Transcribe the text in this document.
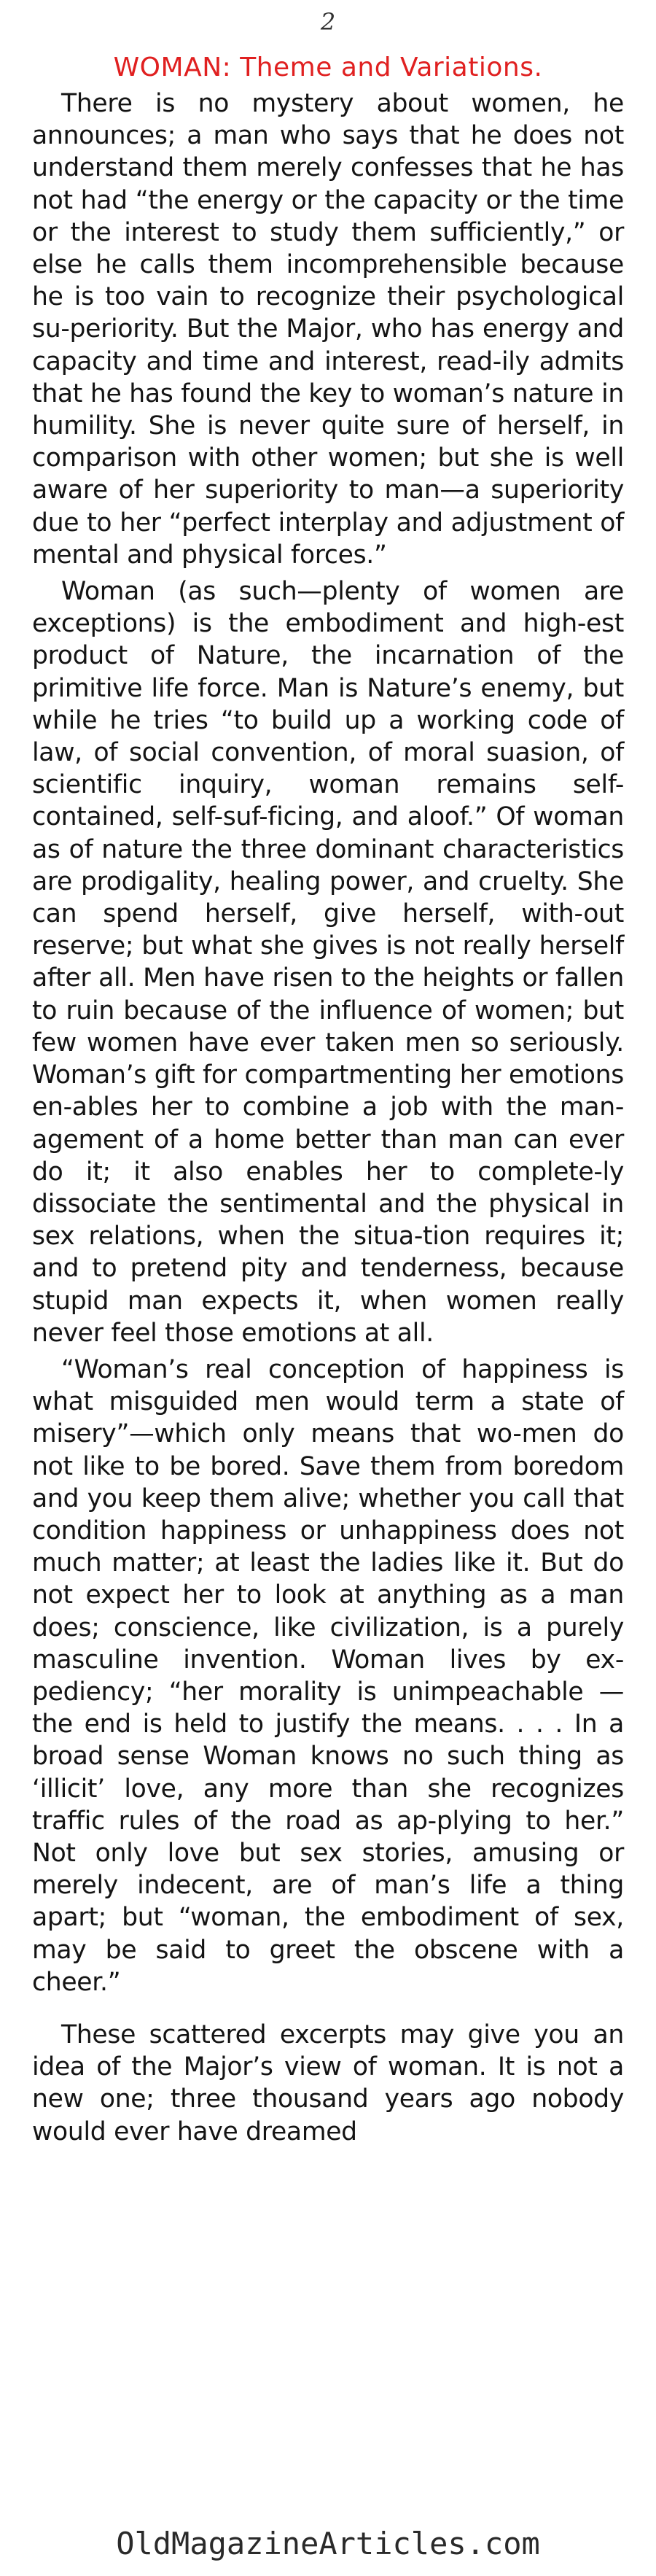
2
WOMAN: Theme and Variations.

There is no mystery about women, he announces; a man who says that he does not understand them merely confesses that he has not had “the energy or the capacity or the time or the interest to study them sufficiently,” or else he calls them incomprehensible because he is too vain to recognize their psychological su-periority. But the Major, who has energy and capacity and time and interest, read-ily admits that he has found the key to woman’s nature in humility. She is never quite sure of herself, in comparison with other women; but she is well aware of her superiority to man—a superiority due to her “perfect interplay and adjustment of mental and physical forces.”

Woman (as such—plenty of women are exceptions) is the embodiment and high-est product of Nature, the incarnation of the primitive life force. Man is Nature’s enemy, but while he tries “to build up a working code of law, of social convention, of moral suasion, of scientific inquiry, woman remains self-contained, self-suf-ficing, and aloof.” Of woman as of nature the three dominant characteristics are prodigality, healing power, and cruelty. She can spend herself, give herself, with-out reserve; but what she gives is not really herself after all. Men have risen to the heights or fallen to ruin because of the influence of women; but few women have ever taken men so seriously. Woman’s gift for compartmenting her emotions en-ables her to combine a job with the man-agement of a home better than man can ever do it; it also enables her to complete-ly dissociate the sentimental and the physical in sex relations, when the situa-tion requires it; and to pretend pity and tenderness, because stupid man expects it, when women really never feel those emotions at all.

“Woman’s real conception of happiness is what misguided men would term a state of misery”—which only means that wo-men do not like to be bored. Save them from boredom and you keep them alive; whether you call that condition happiness or unhappiness does not much matter; at least the ladies like it. But do not expect her to look at anything as a man does; conscience, like civilization, is a purely masculine invention. Woman lives by ex-pediency; “her morality is unimpeachable —the end is held to justify the means. . . . In a broad sense Woman knows no such thing as ‘illicit’ love, any more than she recognizes traffic rules of the road as ap-plying to her.” Not only love but sex stories, amusing or merely indecent, are of man’s life a thing apart; but “woman, the embodiment of sex, may be said to greet the obscene with a cheer.”

These scattered excerpts may give you an idea of the Major’s view of woman. It is not a new one; three thousand years ago nobody would ever have dreamed

OldMagazineArticles.com
